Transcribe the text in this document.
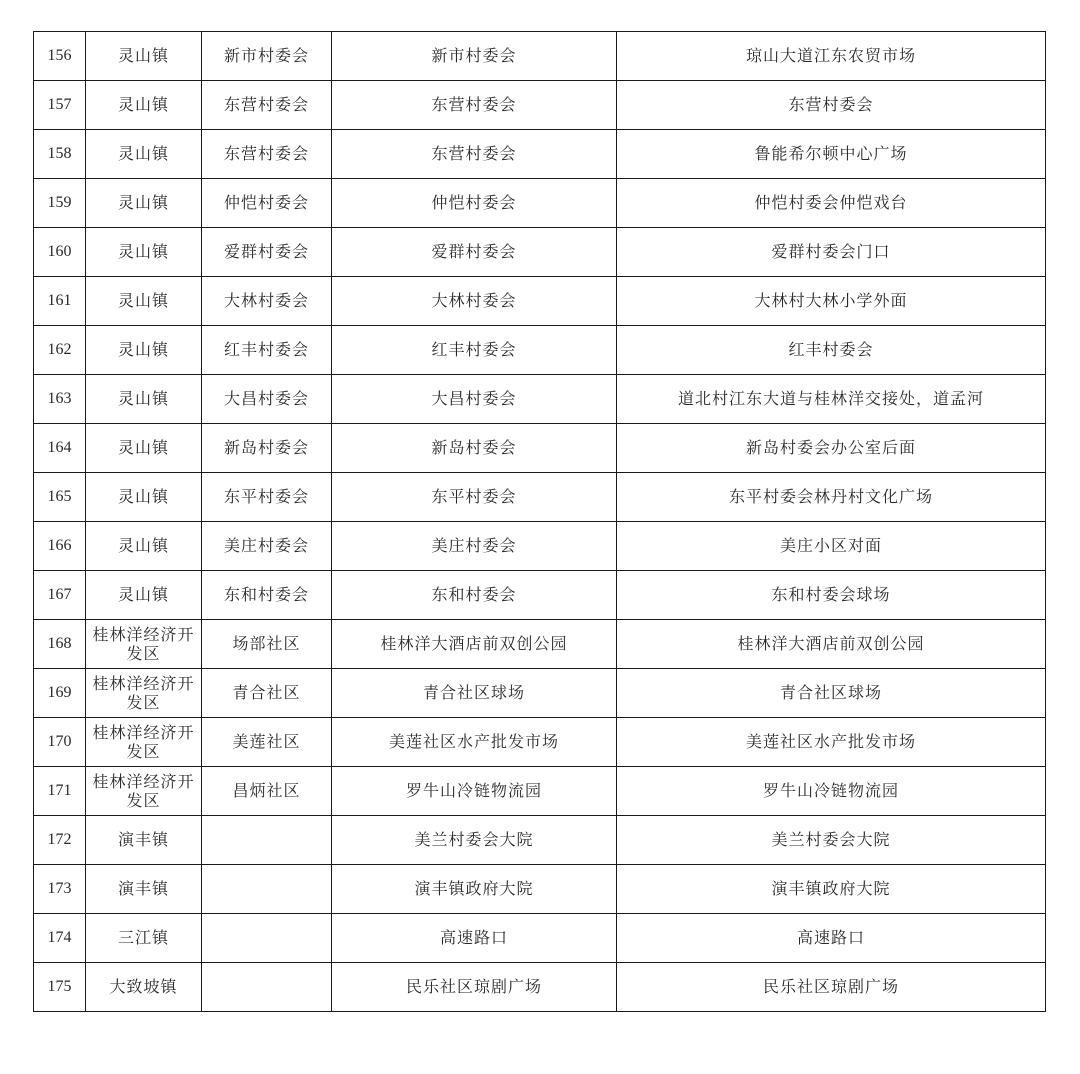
156	灵山镇	新市村委会	新市村委会	琼山大道江东农贸市场
157	灵山镇	东营村委会	东营村委会	东营村委会
158	灵山镇	东营村委会	东营村委会	鲁能希尔顿中心广场
159	灵山镇	仲恺村委会	仲恺村委会	仲恺村委会仲恺戏台
160	灵山镇	爱群村委会	爱群村委会	爱群村委会门口
161	灵山镇	大林村委会	大林村委会	大林村大林小学外面
162	灵山镇	红丰村委会	红丰村委会	红丰村委会
163	灵山镇	大昌村委会	大昌村委会	道北村江东大道与桂林洋交接处，道孟河
164	灵山镇	新岛村委会	新岛村委会	新岛村委会办公室后面
165	灵山镇	东平村委会	东平村委会	东平村委会林丹村文化广场
166	灵山镇	美庄村委会	美庄村委会	美庄小区对面
167	灵山镇	东和村委会	东和村委会	东和村委会球场
168	桂林洋经济开发区	场部社区	桂林洋大酒店前双创公园	桂林洋大酒店前双创公园
169	桂林洋经济开发区	青合社区	青合社区球场	青合社区球场
170	桂林洋经济开发区	美莲社区	美莲社区水产批发市场	美莲社区水产批发市场
171	桂林洋经济开发区	昌炳社区	罗牛山冷链物流园	罗牛山冷链物流园
172	演丰镇		美兰村委会大院	美兰村委会大院
173	演丰镇		演丰镇政府大院	演丰镇政府大院
174	三江镇		高速路口	高速路口
175	大致坡镇		民乐社区琼剧广场	民乐社区琼剧广场
